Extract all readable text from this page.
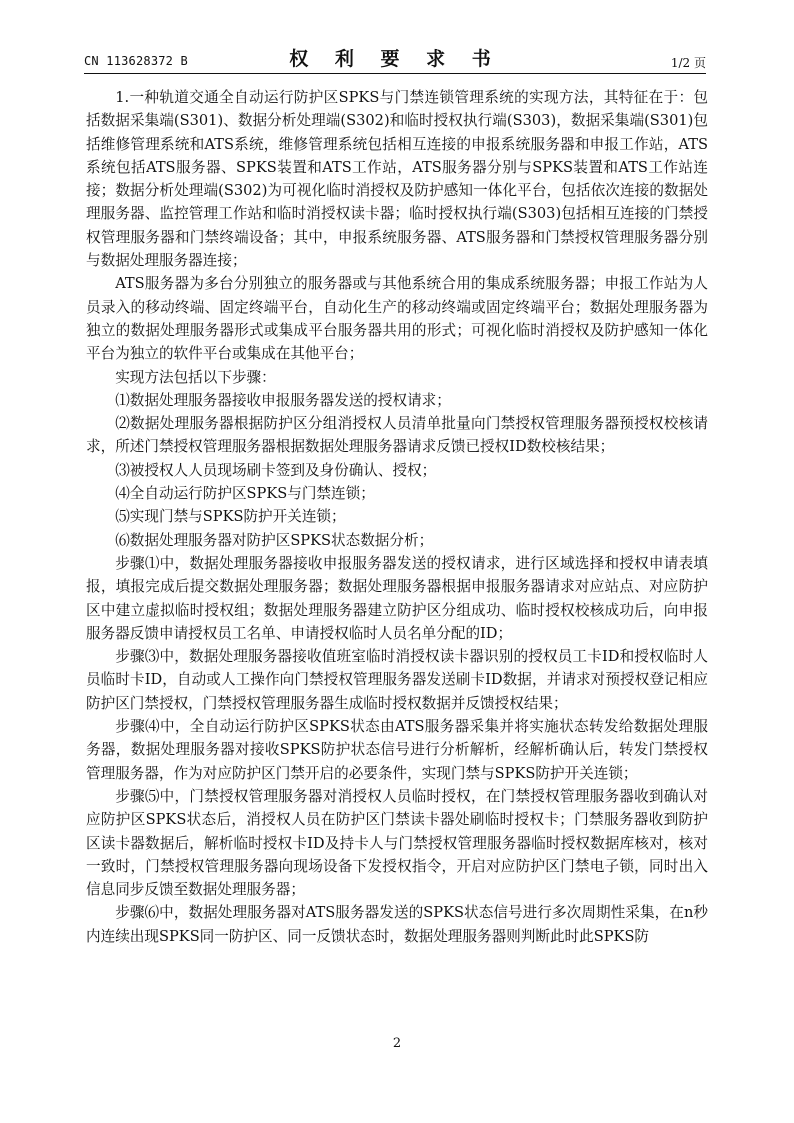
CN 113628372 B	权 利 要 求 书	1/2 页

1.一种轨道交通全自动运行防护区SPKS与门禁连锁管理系统的实现方法，其特征在于：包括数据采集端(S301)、数据分析处理端(S302)和临时授权执行端(S303)，数据采集端(S301)包括维修管理系统和ATS系统，维修管理系统包括相互连接的申报系统服务器和申报工作站，ATS系统包括ATS服务器、SPKS装置和ATS工作站，ATS服务器分别与SPKS装置和ATS工作站连接；数据分析处理端(S302)为可视化临时消授权及防护感知一体化平台，包括依次连接的数据处理服务器、监控管理工作站和临时消授权读卡器；临时授权执行端(S303)包括相互连接的门禁授权管理服务器和门禁终端设备；其中，申报系统服务器、ATS服务器和门禁授权管理服务器分别与数据处理服务器连接；

ATS服务器为多台分别独立的服务器或与其他系统合用的集成系统服务器；申报工作站为人员录入的移动终端、固定终端平台，自动化生产的移动终端或固定终端平台；数据处理服务器为独立的数据处理服务器形式或集成平台服务器共用的形式；可视化临时消授权及防护感知一体化平台为独立的软件平台或集成在其他平台；

实现方法包括以下步骤：

⑴数据处理服务器接收申报服务器发送的授权请求；

⑵数据处理服务器根据防护区分组消授权人员清单批量向门禁授权管理服务器预授权校核请求，所述门禁授权管理服务器根据数据处理服务器请求反馈已授权ID数校核结果；

⑶被授权人人员现场刷卡签到及身份确认、授权；

⑷全自动运行防护区SPKS与门禁连锁；

⑸实现门禁与SPKS防护开关连锁；

⑹数据处理服务器对防护区SPKS状态数据分析；

步骤⑴中，数据处理服务器接收申报服务器发送的授权请求，进行区域选择和授权申请表填报，填报完成后提交数据处理服务器；数据处理服务器根据申报服务器请求对应站点、对应防护区中建立虚拟临时授权组；数据处理服务器建立防护区分组成功、临时授权校核成功后，向申报服务器反馈申请授权员工名单、申请授权临时人员名单分配的ID；

步骤⑶中，数据处理服务器接收值班室临时消授权读卡器识别的授权员工卡ID和授权临时人员临时卡ID，自动或人工操作向门禁授权管理服务器发送刷卡ID数据，并请求对预授权登记相应防护区门禁授权，门禁授权管理服务器生成临时授权数据并反馈授权结果；

步骤⑷中，全自动运行防护区SPKS状态由ATS服务器采集并将实施状态转发给数据处理服务器，数据处理服务器对接收SPKS防护状态信号进行分析解析，经解析确认后，转发门禁授权管理服务器，作为对应防护区门禁开启的必要条件，实现门禁与SPKS防护开关连锁；

步骤⑸中，门禁授权管理服务器对消授权人员临时授权，在门禁授权管理服务器收到确认对应防护区SPKS状态后，消授权人员在防护区门禁读卡器处刷临时授权卡；门禁服务器收到防护区读卡器数据后，解析临时授权卡ID及持卡人与门禁授权管理服务器临时授权数据库核对，核对一致时，门禁授权管理服务器向现场设备下发授权指令，开启对应防护区门禁电子锁，同时出入信息同步反馈至数据处理服务器；

步骤⑹中，数据处理服务器对ATS服务器发送的SPKS状态信号进行多次周期性采集，在n秒内连续出现SPKS同一防护区、同一反馈状态时，数据处理服务器则判断此时此SPKS防

2
